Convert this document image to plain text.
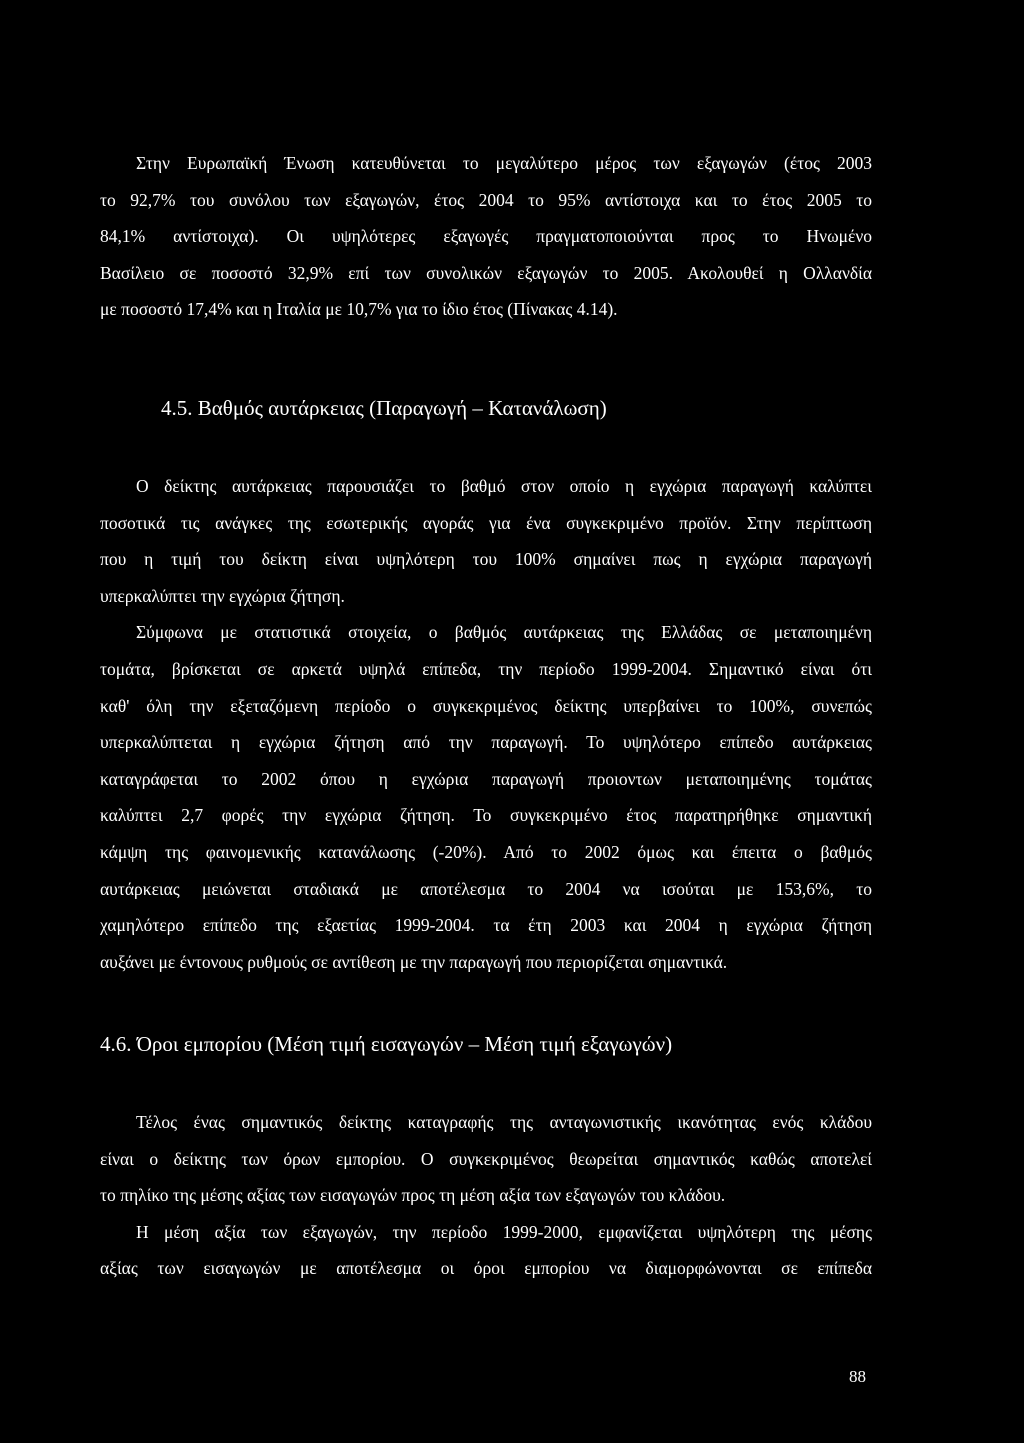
Στην Ευρωπαϊκή Ένωση κατευθύνεται το μεγαλύτερο μέρος των εξαγωγών (έτος 2003
το 92,7% του συνόλου των εξαγωγών, έτος 2004 το 95% αντίστοιχα και το έτος 2005 το
84,1% αντίστοιχα). Οι υψηλότερες εξαγωγές πραγματοποιούνται προς το Ηνωμένο
Βασίλειο σε ποσοστό 32,9% επί των συνολικών εξαγωγών το 2005. Ακολουθεί η Ολλανδία
με ποσοστό 17,4% και η Ιταλία με 10,7% για το ίδιο έτος (Πίνακας 4.14).

4.5. Βαθμός αυτάρκειας (Παραγωγή – Κατανάλωση)

Ο δείκτης αυτάρκειας παρουσιάζει το βαθμό στον οποίο η εγχώρια παραγωγή καλύπτει
ποσοτικά τις ανάγκες της εσωτερικής αγοράς για ένα συγκεκριμένο προϊόν. Στην περίπτωση
που η τιμή του δείκτη είναι υψηλότερη του 100% σημαίνει πως η εγχώρια παραγωγή
υπερκαλύπτει την εγχώρια ζήτηση.

Σύμφωνα με στατιστικά στοιχεία, ο βαθμός αυτάρκειας της Ελλάδας σε μεταποιημένη
τομάτα, βρίσκεται σε αρκετά υψηλά επίπεδα, την περίοδο 1999-2004. Σημαντικό είναι ότι
καθ' όλη την εξεταζόμενη περίοδο ο συγκεκριμένος δείκτης υπερβαίνει το 100%, συνεπώς
υπερκαλύπτεται η εγχώρια ζήτηση από την παραγωγή. Το υψηλότερο επίπεδο αυτάρκειας
καταγράφεται το 2002 όπου η εγχώρια παραγωγή προιοντων μεταποιημένης τομάτας
καλύπτει 2,7 φορές την εγχώρια ζήτηση. Το συγκεκριμένο έτος παρατηρήθηκε σημαντική
κάμψη της φαινομενικής κατανάλωσης (-20%). Από το 2002 όμως και έπειτα ο βαθμός
αυτάρκειας μειώνεται σταδιακά με αποτέλεσμα το 2004 να ισούται με 153,6%, το
χαμηλότερο επίπεδο της εξαετίας 1999-2004. τα έτη 2003 και 2004 η εγχώρια ζήτηση
αυξάνει με έντονους ρυθμούς σε αντίθεση με την παραγωγή που περιορίζεται σημαντικά.

4.6. Όροι εμπορίου (Μέση τιμή εισαγωγών – Μέση τιμή εξαγωγών)

Τέλος ένας σημαντικός δείκτης καταγραφής της ανταγωνιστικής ικανότητας ενός κλάδου
είναι ο δείκτης των όρων εμπορίου. Ο συγκεκριμένος θεωρείται σημαντικός καθώς αποτελεί
το πηλίκο της μέσης αξίας των εισαγωγών προς τη μέση αξία των εξαγωγών του κλάδου.

Η μέση αξία των εξαγωγών, την περίοδο 1999-2000, εμφανίζεται υψηλότερη της μέσης
αξίας των εισαγωγών με αποτέλεσμα οι όροι εμπορίου να διαμορφώνονται σε επίπεδα

88
